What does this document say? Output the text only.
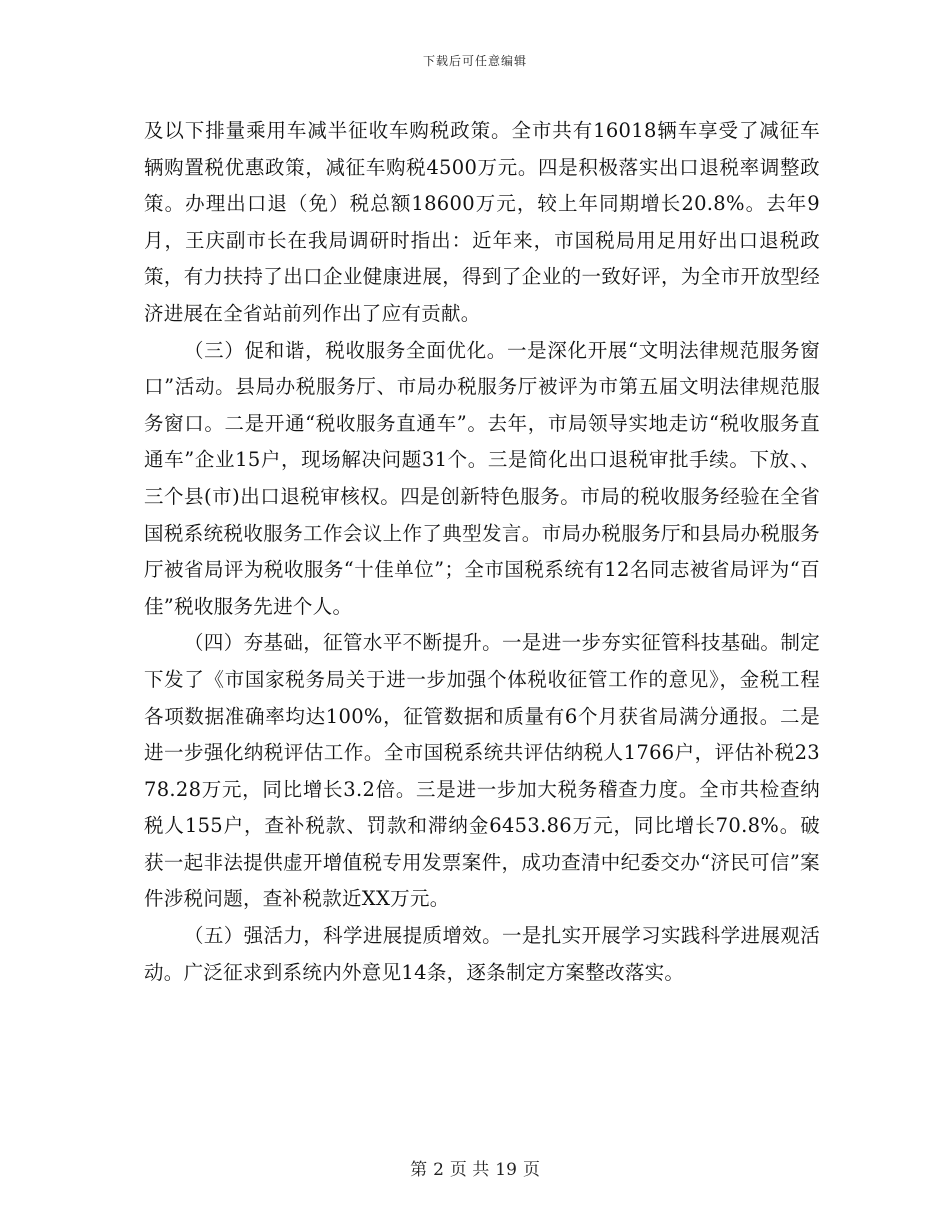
下载后可任意编辑

及以下排量乘用车减半征收车购税政策。全市共有16018辆车享受了减征车辆购置税优惠政策，减征车购税4500万元。四是积极落实出口退税率调整政策。办理出口退（免）税总额18600万元，较上年同期增长20.8%。去年9月，王庆副市长在我局调研时指出：近年来，市国税局用足用好出口退税政策，有力扶持了出口企业健康进展，得到了企业的一致好评，为全市开放型经济进展在全省站前列作出了应有贡献。

（三）促和谐，税收服务全面优化。一是深化开展“文明法律规范服务窗口”活动。县局办税服务厅、市局办税服务厅被评为市第五届文明法律规范服务窗口。二是开通“税收服务直通车”。去年，市局领导实地走访“税收服务直通车”企业15户，现场解决问题31个。三是简化出口退税审批手续。下放、、三个县(市)出口退税审核权。四是创新特色服务。市局的税收服务经验在全省国税系统税收服务工作会议上作了典型发言。市局办税服务厅和县局办税服务厅被省局评为税收服务“十佳单位”；全市国税系统有12名同志被省局评为“百佳”税收服务先进个人。

（四）夯基础，征管水平不断提升。一是进一步夯实征管科技基础。制定下发了《市国家税务局关于进一步加强个体税收征管工作的意见》，金税工程各项数据准确率均达100%，征管数据和质量有6个月获省局满分通报。二是进一步强化纳税评估工作。全市国税系统共评估纳税人1766户，评估补税2378.28万元，同比增长3.2倍。三是进一步加大税务稽查力度。全市共检查纳税人155户，查补税款、罚款和滞纳金6453.86万元，同比增长70.8%。破获一起非法提供虚开增值税专用发票案件，成功查清中纪委交办“济民可信”案件涉税问题，查补税款近XX万元。

（五）强活力，科学进展提质增效。一是扎实开展学习实践科学进展观活动。广泛征求到系统内外意见14条，逐条制定方案整改落实。

第 2 页 共 19 页
